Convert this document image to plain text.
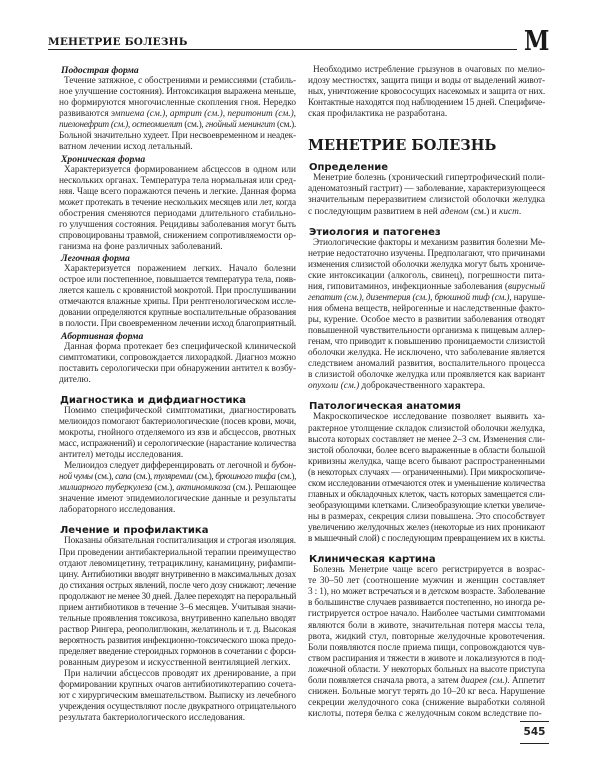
МЕНЕТРИЕ БОЛЕЗНЬ	М
Подострая форма
Течение затяжное, с обострениями и ремиссиями (стабиль-
ное улучшение состояния). Интоксикация выражена меньше,
но формируются многочисленные скопления гноя. Нередко
развиваются эмпиема (см.), артрит (см.), перитонит (см.),
пиелонефрит (см.), остеомиелит (см.), гнойный менингит (см.).
Больной значительно худеет. При несвоевременном и неадек-
ватном лечении исход летальный.
Хроническая форма
Характеризуется формированием абсцессов в одном или
нескольких органах. Температура тела нормальная или сред-
няя. Чаще всего поражаются печень и легкие. Данная форма
может протекать в течение нескольких месяцев или лет, когда
обострения сменяются периодами длительного стабильно-
го улучшения состояния. Рецидивы заболевания могут быть
спровоцированы травмой, снижением сопротивляемости ор-
ганизма на фоне различных заболеваний.
Легочная форма
Характеризуется поражением легких. Начало болезни
острое или постепенное, повышается температура тела, появ-
ляется кашель с кровянистой мокротой. При прослушивании
отмечаются влажные хрипы. При рентгенологическом иссле-
довании определяются крупные воспалительные образования
в полости. При своевременном лечении исход благоприятный.
Абортивная форма
Данная форма протекает без специфической клинической
симптоматики, сопровождается лихорадкой. Диагноз можно
поставить серологически при обнаружении антител к возбу-
дителю.
Диагностика и дифдиагностика
Помимо специфической симптоматики, диагностировать
мелиоидоз помогают бактериологические (посев крови, мочи,
мокроты, гнойного отделяемого из язв и абсцессов, рвотных
масс, испражнений) и серологические (нарастание количества
антител) методы исследования.
Мелиоидоз следует дифференцировать от легочной и бубон-
ной чумы (см.), сапа (см.), туляремии (см.), брюшного тифа (см.),
милиарного туберкулеза (см.), актиномикоза (см.). Решающее
значение имеют эпидемиологические данные и результаты
лабораторного исследования.
Лечение и профилактика
Показаны обязательная госпитализация и строгая изоляция.
При проведении антибактериальной терапии преимущество
отдают левомицетину, тетрациклину, канамицину, рифампи-
цину. Антибиотики вводят внутривенно в максимальных дозах
до стихания острых явлений, после чего дозу снижают; лечение
продолжают не менее 30 дней. Далее переходят на пероральный
прием антибиотиков в течение 3–6 месяцев. Учитывая значи-
тельные проявления токсикоза, внутривенно капельно вводят
раствор Рингера, реополиглюкин, желатиноль и т. д. Высокая
вероятность развития инфекционно-токсического шока предо-
пределяет введение стероидных гормонов в сочетании с форси-
рованным диурезом и искусственной вентиляцией легких.
При наличии абсцессов проводят их дренирование, а при
формировании крупных очагов антибиотикотерапию сочета-
ют с хирургическим вмешательством. Выписку из лечебного
учреждения осуществляют после двукратного отрицательного
результата бактериологического исследования.
Необходимо истребление грызунов в очаговых по мелио-
идозу местностях, защита пищи и воды от выделений живот-
ных, уничтожение кровососущих насекомых и защита от них.
Контактные находятся под наблюдением 15 дней. Специфиче-
ская профилактика не разработана.
МЕНЕТРИЕ БОЛЕЗНЬ
Определение
Менетрие болезнь (хронический гипертрофический поли-
аденоматозный гастрит) — заболевание, характеризующееся
значительным переразвитием слизистой оболочки желудка
с последующим развитием в ней аденом (см.) и кист.
Этиология и патогенез
Этиологические факторы и механизм развития болезни Ме-
нетрие недостаточно изучены. Предполагают, что причинами
изменения слизистой оболочки желудка могут быть хрониче-
ские интоксикации (алкоголь, свинец), погрешности пита-
ния, гиповитаминоз, инфекционные заболевания (вирусный
гепатит (см.), дизентерия (см.), брюшной тиф (см.), наруше-
ния обмена веществ, нейрогенные и наследственные факто-
ры, курение. Особое место в развитии заболевания отводят
повышенной чувствительности организма к пищевым аллер-
генам, что приводит к повышению проницаемости слизистой
оболочки желудка. Не исключено, что заболевание является
следствием аномалий развития, воспалительного процесса
в слизистой оболочке желудка или проявляется как вариант
опухоли (см.) доброкачественного характера.
Патологическая анатомия
Макроскопическое исследование позволяет выявить ха-
рактерное утолщение складок слизистой оболочки желудка,
высота которых составляет не менее 2–3 см. Изменения сли-
зистой оболочки, более всего выраженные в области большой
кривизны желудка, чаще всего бывают распространенными
(в некоторых случаях — ограниченными). При микроскопиче-
ском исследовании отмечаются отек и уменьшение количества
главных и обкладочных клеток, часть которых замещается сли-
зеобразующими клетками. Слизеобразующие клетки увеличе-
ны в размерах, секреция слизи повышена. Это способствует
увеличению желудочных желез (некоторые из них проникают
в мышечный слой) с последующим превращением их в кисты.
Клиническая картина
Болезнь Менетрие чаще всего регистрируется в возрас-
те 30–50 лет (соотношение мужчин и женщин составляет
3 : 1), но может встречаться и в детском возрасте. Заболевание
в большинстве случаев развивается постепенно, но иногда ре-
гистрируется острое начало. Наиболее частыми симптомами
являются боли в животе, значительная потеря массы тела,
рвота, жидкий стул, повторные желудочные кровотечения.
Боли появляются после приема пищи, сопровождаются чув-
ством распирания и тяжести в животе и локализуются в под-
ложечной области. У некоторых больных на высоте приступа
боли появляется сначала рвота, а затем диарея (см.). Аппетит
снижен. Больные могут терять до 10–20 кг веса. Нарушение
секреции желудочного сока (снижение выработки соляной
кислоты, потеря белка с желудочным соком вследствие по-
545
